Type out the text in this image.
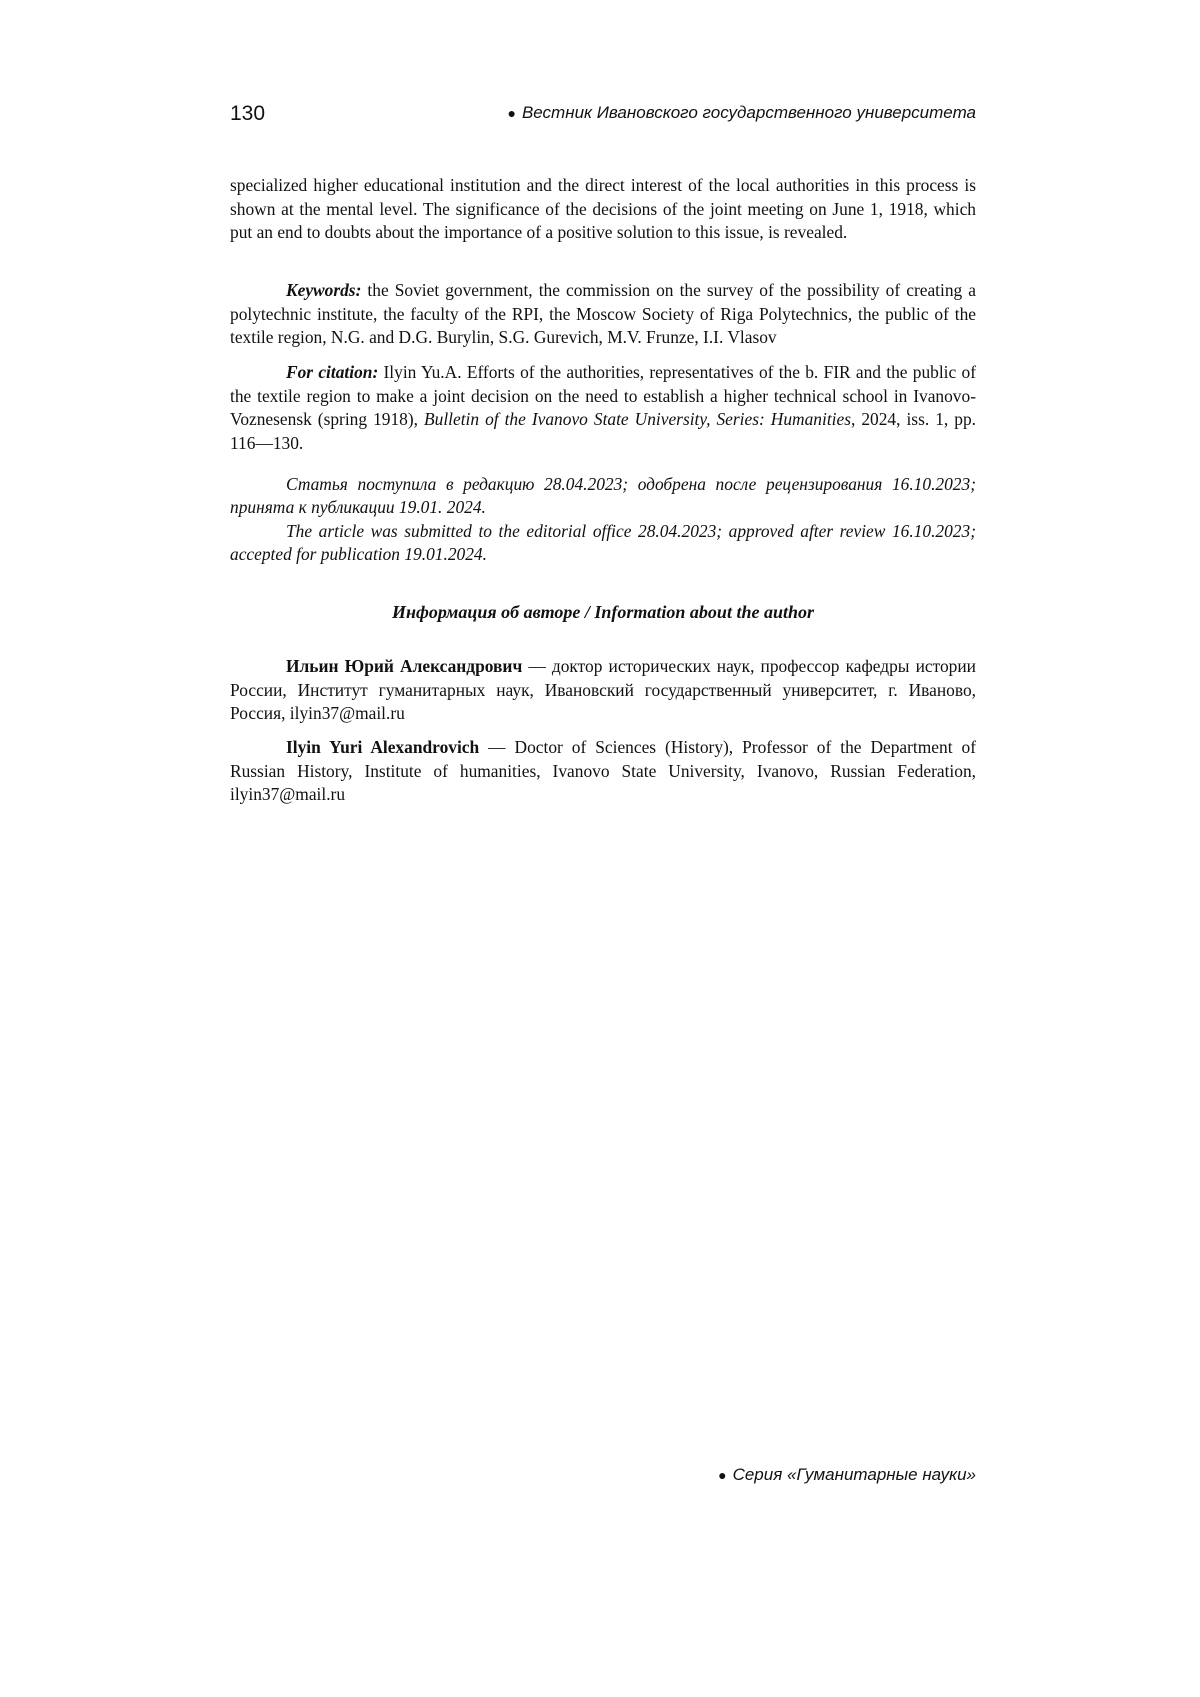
130	● Вестник Ивановского государственного университета

specialized higher educational institution and the direct interest of the local authorities in this process is shown at the mental level. The significance of the decisions of the joint meeting on June 1, 1918, which put an end to doubts about the importance of a positive solution to this issue, is revealed.

Keywords: the Soviet government, the commission on the survey of the possibility of creating a polytechnic institute, the faculty of the RPI, the Moscow Society of Riga Polytechnics, the public of the textile region, N.G. and D.G. Burylin, S.G. Gurevich, M.V. Frunze, I.I. Vlasov

For citation: Ilyin Yu.A. Efforts of the authorities, representatives of the b. FIR and the public of the textile region to make a joint decision on the need to establish a higher technical school in Ivanovo-Voznesensk (spring 1918), Bulletin of the Ivanovo State University, Series: Humanities, 2024, iss. 1, pp. 116—130.

Статья поступила в редакцию 28.04.2023; одобрена после рецензирования 16.10.2023; принята к публикации 19.01. 2024.

The article was submitted to the editorial office 28.04.2023; approved after review 16.10.2023; accepted for publication 19.01.2024.

Информация об авторе / Information about the author

Ильин Юрий Александрович — доктор исторических наук, профессор кафедры истории России, Институт гуманитарных наук, Ивановский государственный университет, г. Иваново, Россия, ilyin37@mail.ru

Ilyin Yuri Alexandrovich — Doctor of Sciences (History), Professor of the Department of Russian History, Institute of humanities, Ivanovo State University, Ivanovo, Russian Federation, ilyin37@mail.ru

● Серия «Гуманитарные науки»
